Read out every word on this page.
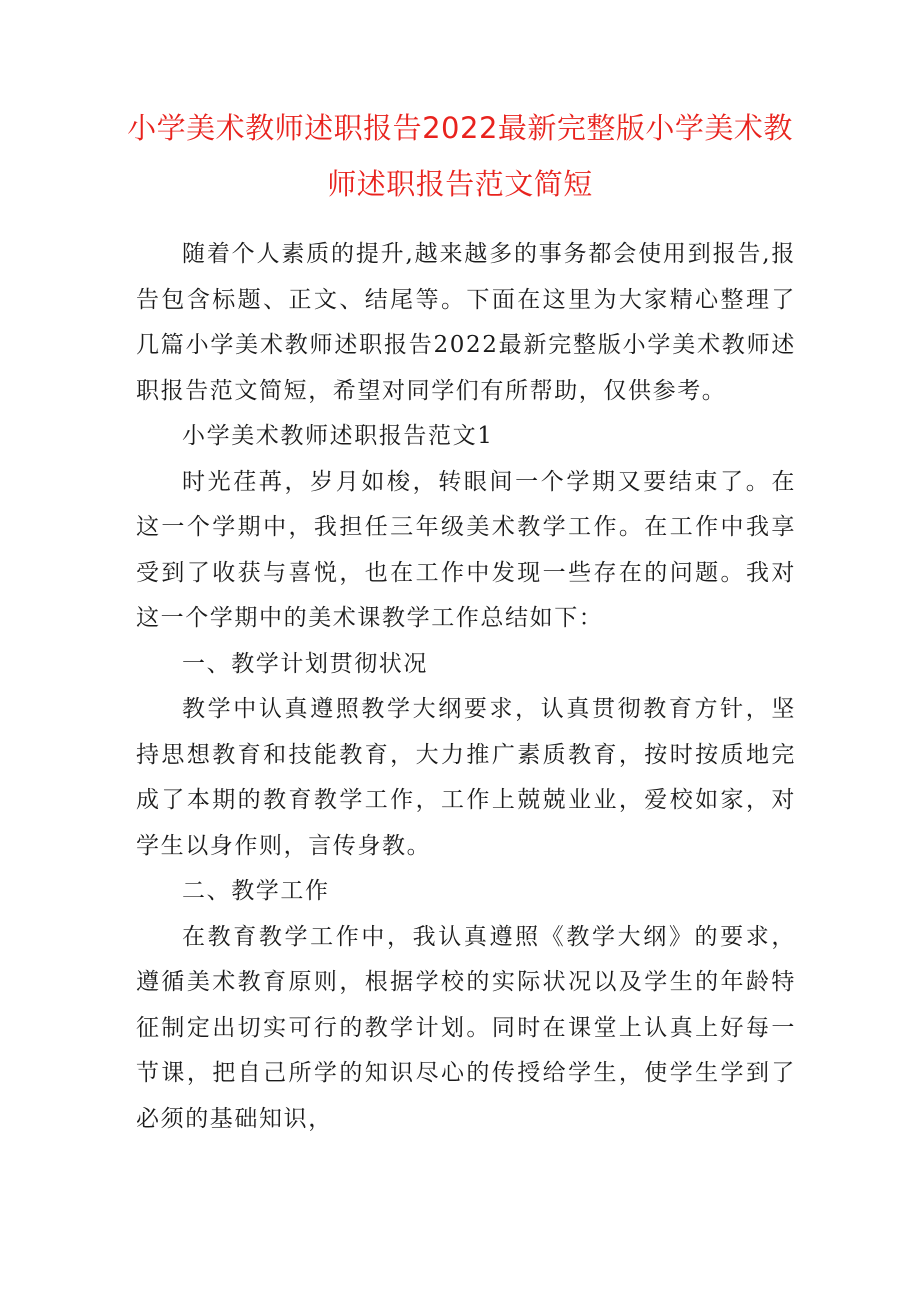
小学美术教师述职报告2022最新完整版小学美术教
师述职报告范文简短

随着个人素质的提升,越来越多的事务都会使用到报告,报告包含标题、正文、结尾等。下面在这里为大家精心整理了几篇小学美术教师述职报告2022最新完整版小学美术教师述职报告范文简短，希望对同学们有所帮助，仅供参考。

小学美术教师述职报告范文1

时光荏苒，岁月如梭，转眼间一个学期又要结束了。在这一个学期中，我担任三年级美术教学工作。在工作中我享受到了收获与喜悦，也在工作中发现一些存在的问题。我对这一个学期中的美术课教学工作总结如下：

一、教学计划贯彻状况

教学中认真遵照教学大纲要求，认真贯彻教育方针，坚持思想教育和技能教育，大力推广素质教育，按时按质地完成了本期的教育教学工作，工作上兢兢业业，爱校如家，对学生以身作则，言传身教。

二、教学工作

在教育教学工作中，我认真遵照《教学大纲》的要求，遵循美术教育原则，根据学校的实际状况以及学生的年龄特征制定出切实可行的教学计划。同时在课堂上认真上好每一节课，把自己所学的知识尽心的传授给学生，使学生学到了必须的基础知识，
